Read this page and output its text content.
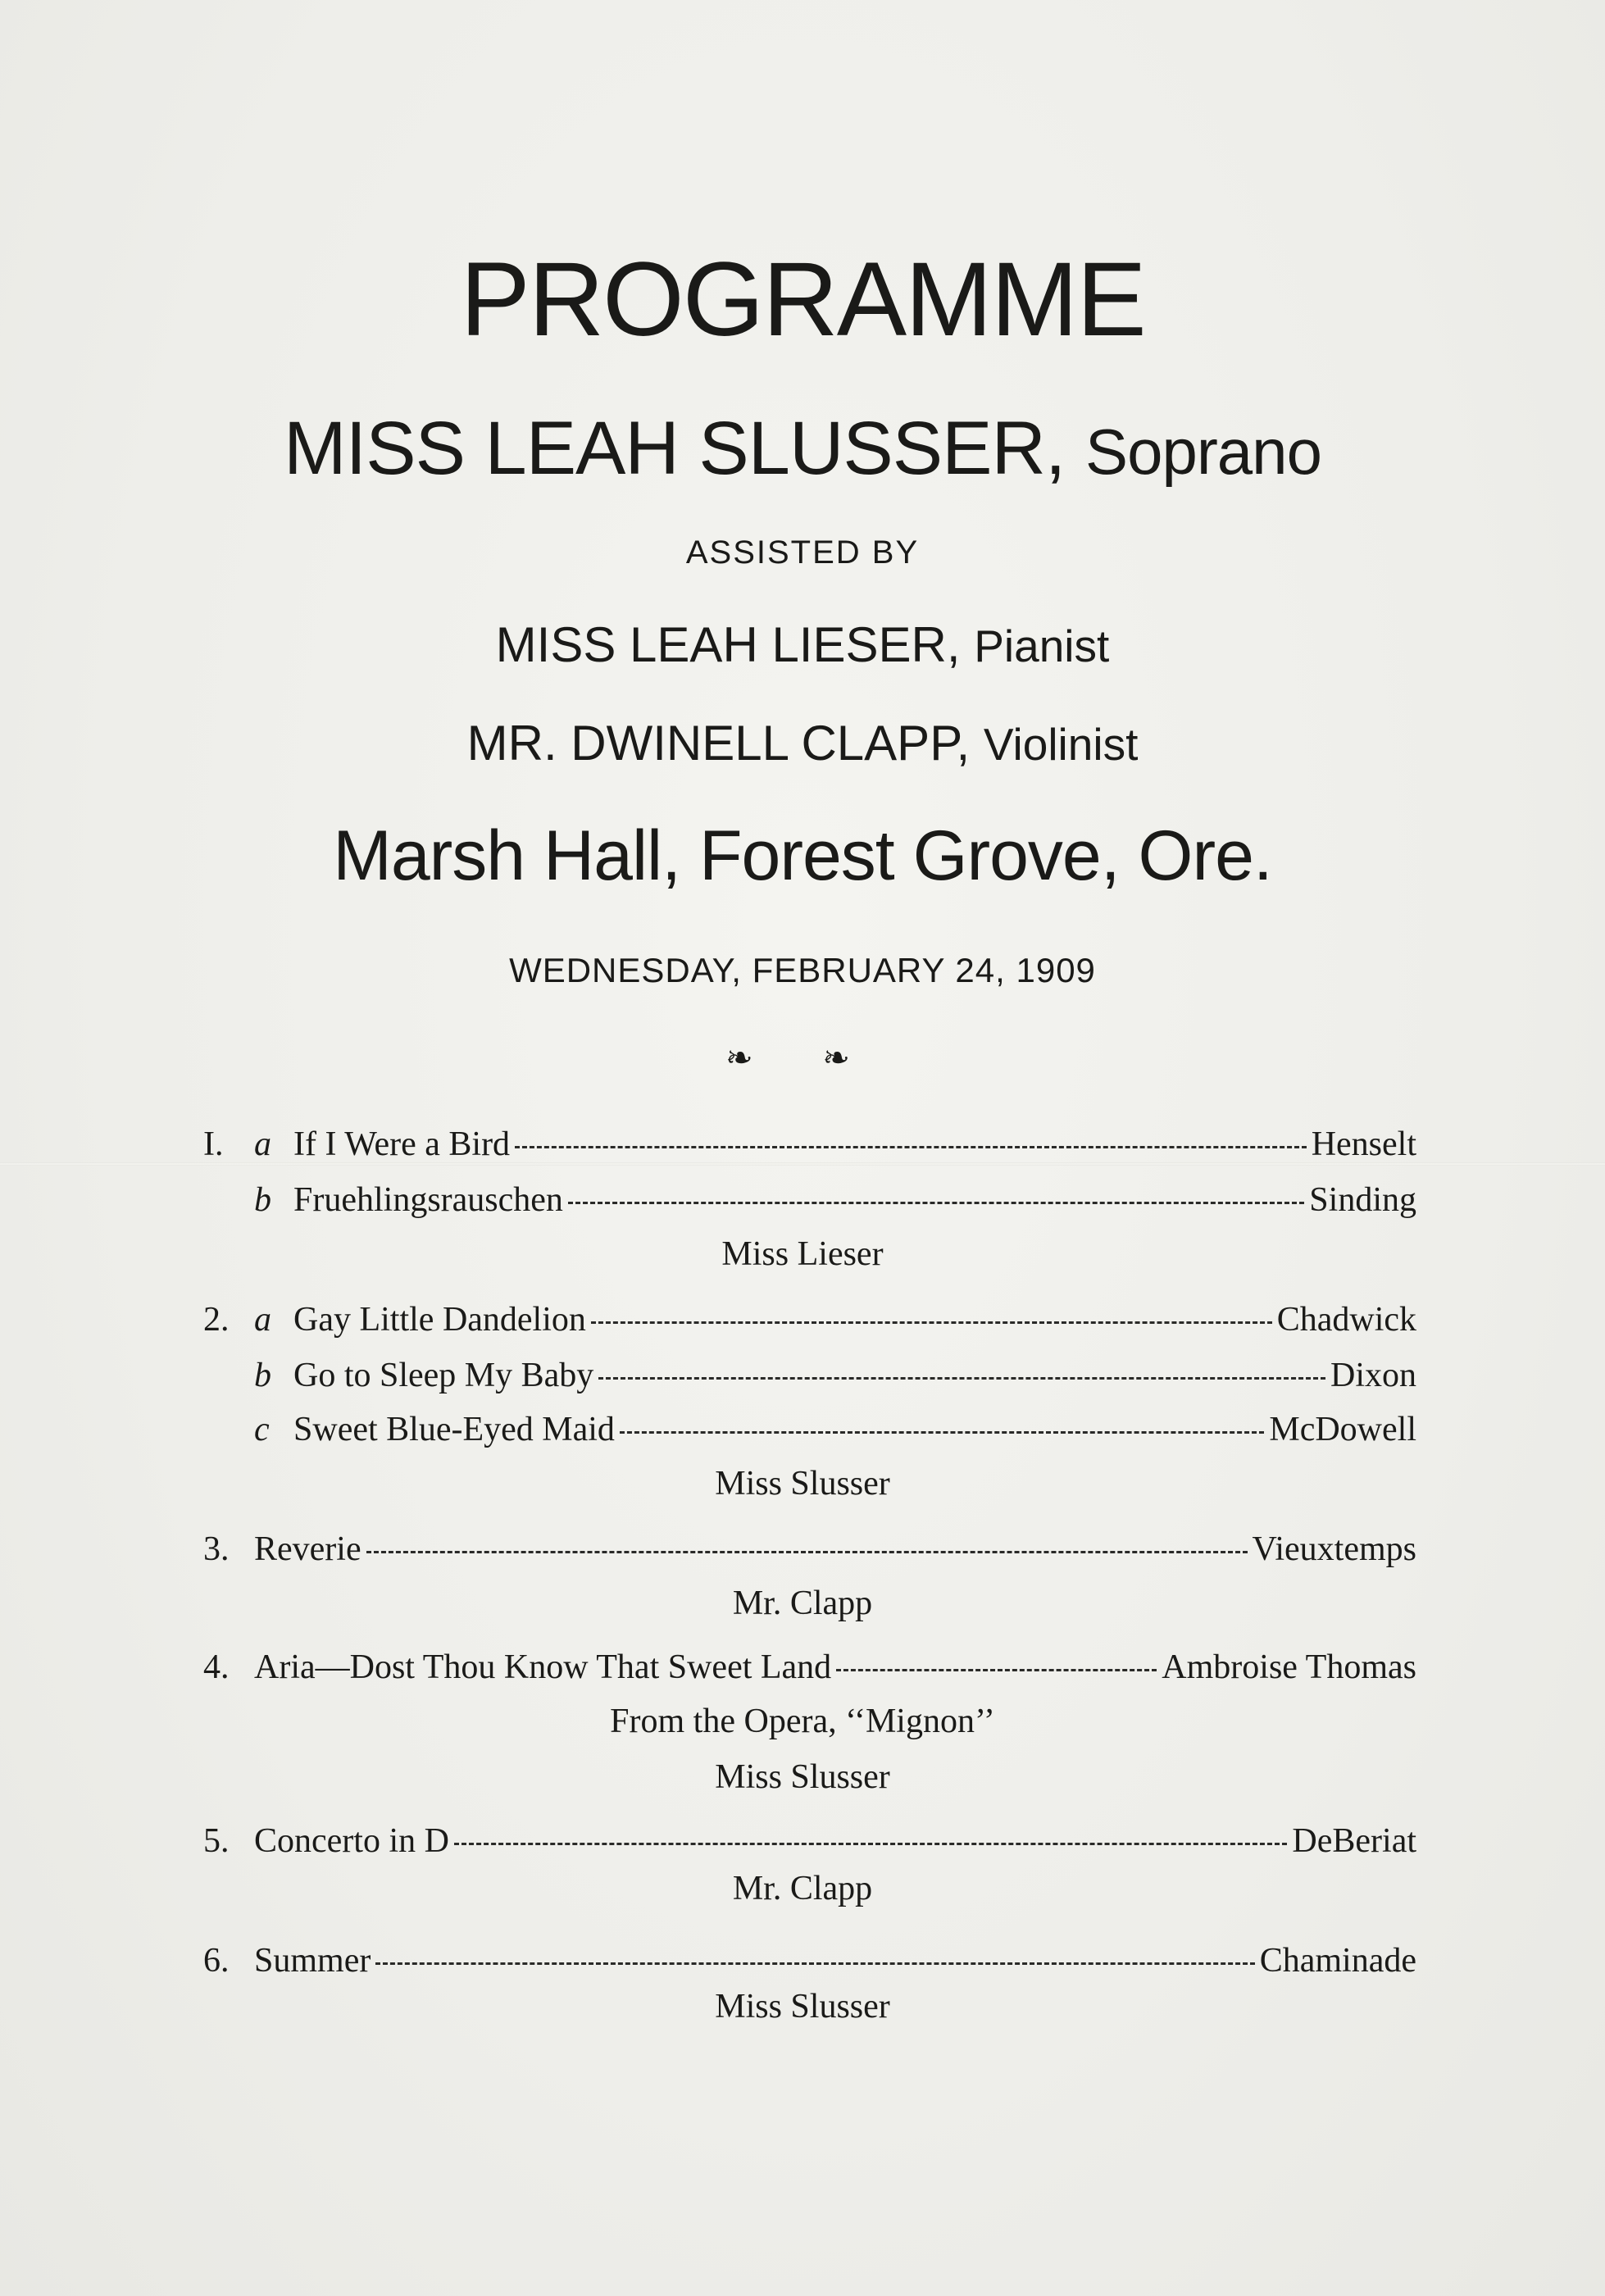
PROGRAMME
MISS LEAH SLUSSER, Soprano
ASSISTED BY
MISS LEAH LIESER, Pianist
MR. DWINELL CLAPP, Violinist
Marsh Hall, Forest Grove, Ore.
WEDNESDAY, FEBRUARY 24, 1909
❧ ❧
I. a If I Were a Bird	Henselt
b Fruehlingsrauschen	Sinding
Miss Lieser
2. a Gay Little Dandelion	Chadwick
b Go to Sleep My Baby	Dixon
c Sweet Blue-Eyed Maid	McDowell
Miss Slusser
3. Reverie	Vieuxtemps
Mr. Clapp
4. Aria—Dost Thou Know That Sweet Land	Ambroise Thomas
From the Opera, ‘‘Mignon’’
Miss Slusser
5. Concerto in D	DeBeriat
Mr. Clapp
6. Summer	Chaminade
Miss Slusser
